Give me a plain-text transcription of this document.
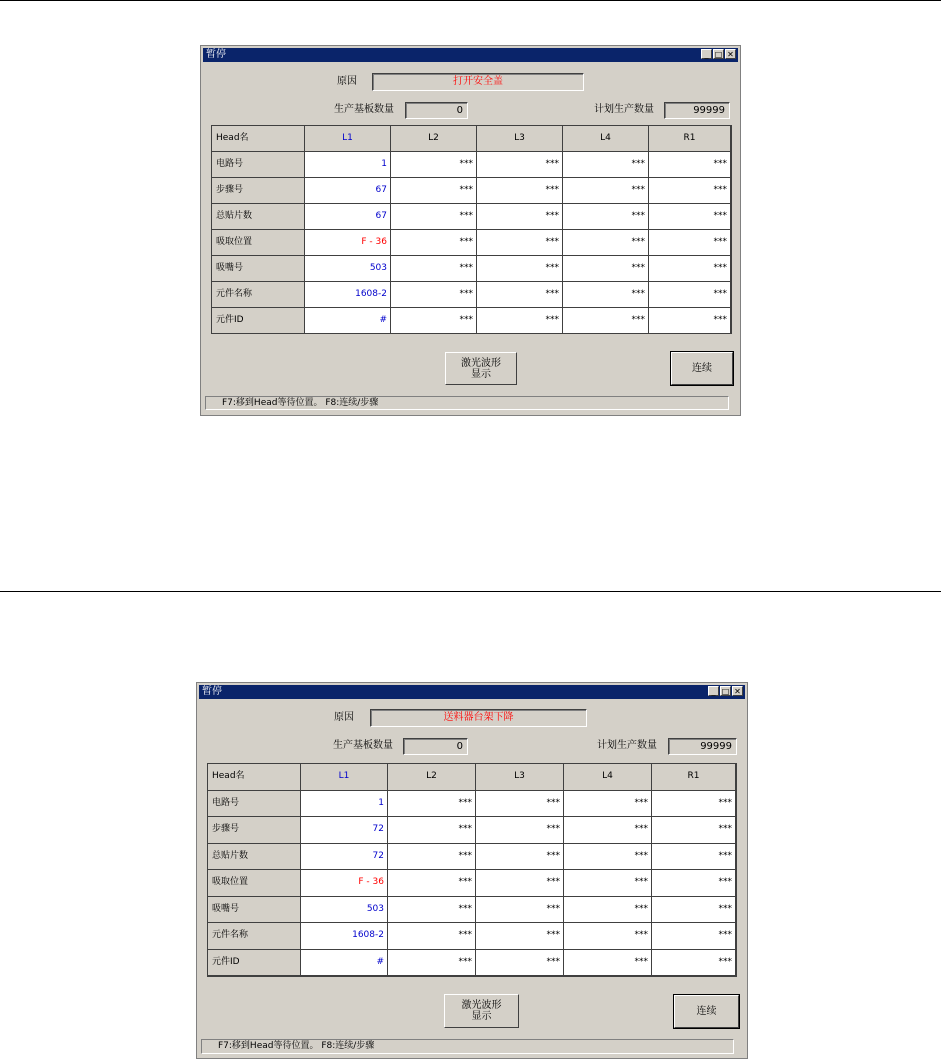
暂停	_ □ ✕
原因	打开安全盖
生产基板数量	0	计划生产数量	99999
Head名	L1	L2	L3	L4	R1
电路号	1	***	***	***	***
步骤号	67	***	***	***	***
总贴片数	67	***	***	***	***
吸取位置	F - 36	***	***	***	***
吸嘴号	503	***	***	***	***
元件名称	1608-2	***	***	***	***
元件ID	#	***	***	***	***
激光波形
显示
连续
F7:移到Head等待位置。 F8:连续/步骤
暂停	_ □ ✕
原因	送料器台架下降
生产基板数量	0	计划生产数量	99999
Head名	L1	L2	L3	L4	R1
电路号	1	***	***	***	***
步骤号	72	***	***	***	***
总贴片数	72	***	***	***	***
吸取位置	F - 36	***	***	***	***
吸嘴号	503	***	***	***	***
元件名称	1608-2	***	***	***	***
元件ID	#	***	***	***	***
激光波形
显示	连续
F7:移到Head等待位置。 F8:连续/步骤
